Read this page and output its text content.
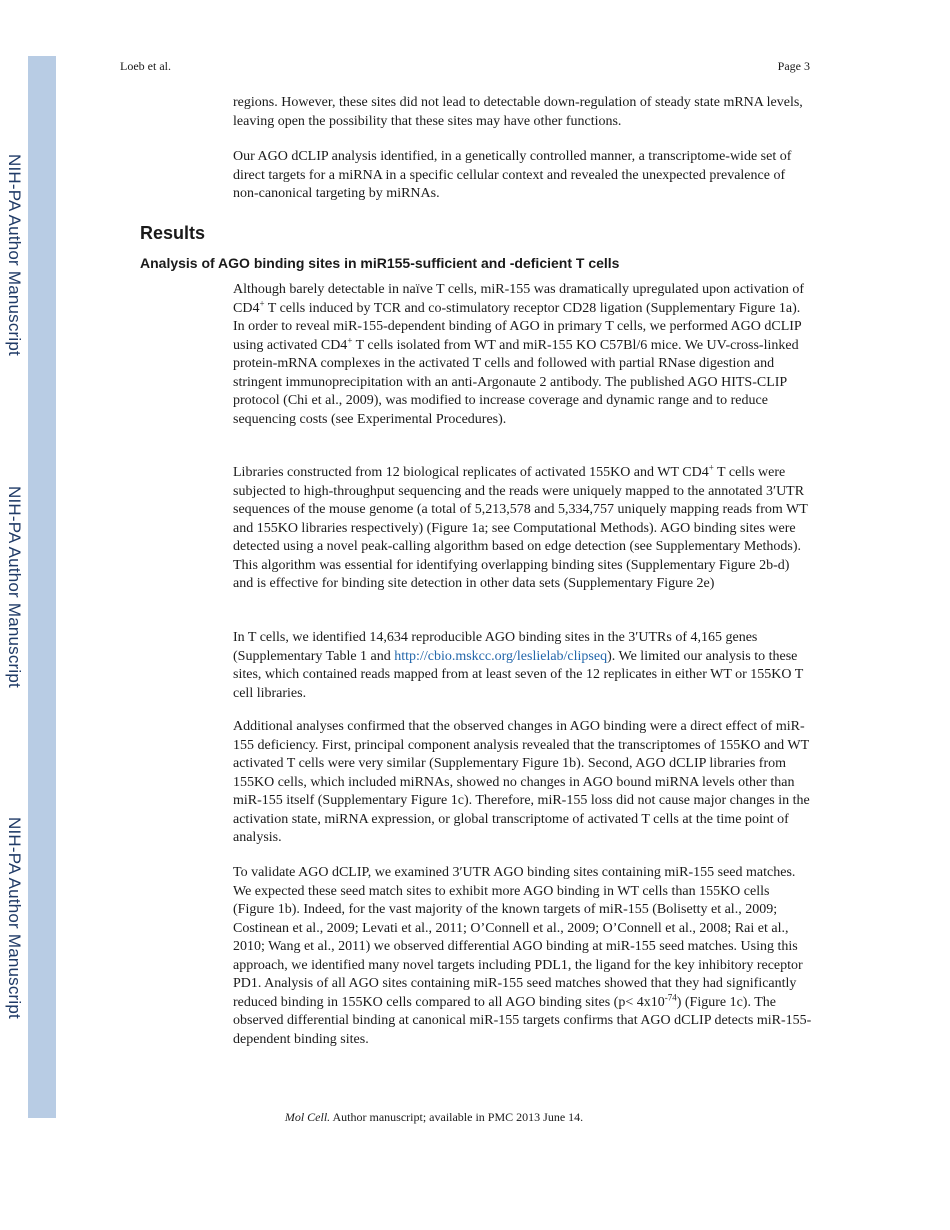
NIH-PA Author Manuscript
NIH-PA Author Manuscript
NIH-PA Author Manuscript
Loeb et al.	Page 3

regions. However, these sites did not lead to detectable down-regulation of steady state mRNA levels, leaving open the possibility that these sites may have other functions.

Our AGO dCLIP analysis identified, in a genetically controlled manner, a transcriptome-wide set of direct targets for a miRNA in a specific cellular context and revealed the unexpected prevalence of non-canonical targeting by miRNAs.

Results
Analysis of AGO binding sites in miR155-sufficient and -deficient T cells

Although barely detectable in naïve T cells, miR-155 was dramatically upregulated upon activation of CD4+ T cells induced by TCR and co-stimulatory receptor CD28 ligation (Supplementary Figure 1a). In order to reveal miR-155-dependent binding of AGO in primary T cells, we performed AGO dCLIP using activated CD4+ T cells isolated from WT and miR-155 KO C57Bl/6 mice. We UV-cross-linked protein-mRNA complexes in the activated T cells and followed with partial RNase digestion and stringent immunoprecipitation with an anti-Argonaute 2 antibody. The published AGO HITS-CLIP protocol (Chi et al., 2009), was modified to increase coverage and dynamic range and to reduce sequencing costs (see Experimental Procedures).

Libraries constructed from 12 biological replicates of activated 155KO and WT CD4+ T cells were subjected to high-throughput sequencing and the reads were uniquely mapped to the annotated 3′UTR sequences of the mouse genome (a total of 5,213,578 and 5,334,757 uniquely mapping reads from WT and 155KO libraries respectively) (Figure 1a; see Computational Methods). AGO binding sites were detected using a novel peak-calling algorithm based on edge detection (see Supplementary Methods). This algorithm was essential for identifying overlapping binding sites (Supplementary Figure 2b-d) and is effective for binding site detection in other data sets (Supplementary Figure 2e)

In T cells, we identified 14,634 reproducible AGO binding sites in the 3′UTRs of 4,165 genes (Supplementary Table 1 and http://cbio.mskcc.org/leslielab/clipseq). We limited our analysis to these sites, which contained reads mapped from at least seven of the 12 replicates in either WT or 155KO T cell libraries.

Additional analyses confirmed that the observed changes in AGO binding were a direct effect of miR-155 deficiency. First, principal component analysis revealed that the transcriptomes of 155KO and WT activated T cells were very similar (Supplementary Figure 1b). Second, AGO dCLIP libraries from 155KO cells, which included miRNAs, showed no changes in AGO bound miRNA levels other than miR-155 itself (Supplementary Figure 1c). Therefore, miR-155 loss did not cause major changes in the activation state, miRNA expression, or global transcriptome of activated T cells at the time point of analysis.

To validate AGO dCLIP, we examined 3′UTR AGO binding sites containing miR-155 seed matches. We expected these seed match sites to exhibit more AGO binding in WT cells than 155KO cells (Figure 1b). Indeed, for the vast majority of the known targets of miR-155 (Bolisetty et al., 2009; Costinean et al., 2009; Levati et al., 2011; O’Connell et al., 2009; O’Connell et al., 2008; Rai et al., 2010; Wang et al., 2011) we observed differential AGO binding at miR-155 seed matches. Using this approach, we identified many novel targets including PDL1, the ligand for the key inhibitory receptor PD1. Analysis of all AGO sites containing miR-155 seed matches showed that they had significantly reduced binding in 155KO cells compared to all AGO binding sites $(p< 4x10^{-74})$ (Figure 1c). The observed differential binding at canonical miR-155 targets confirms that AGO dCLIP detects miR-155-dependent binding sites.

Mol Cell. Author manuscript; available in PMC 2013 June 14.
